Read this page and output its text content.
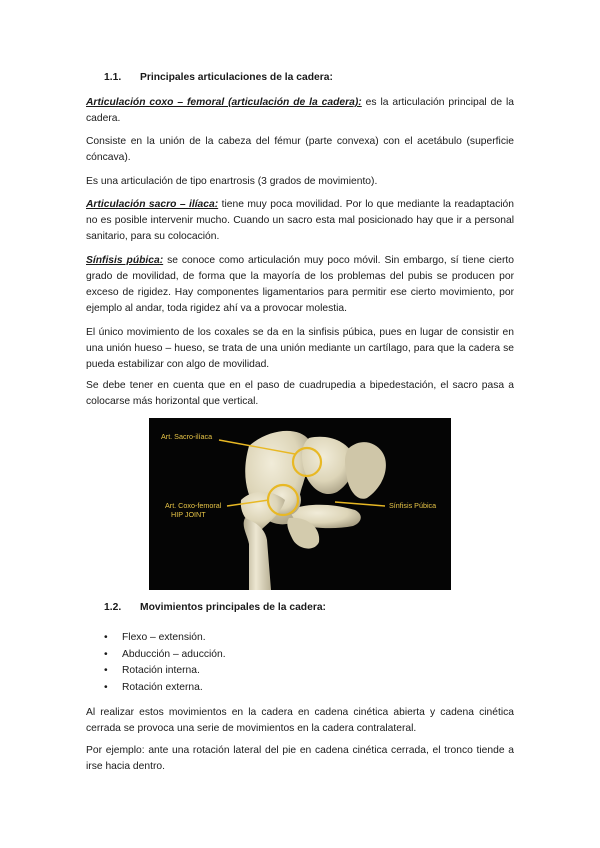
1.1. Principales articulaciones de la cadera:

Articulación coxo – femoral (articulación de la cadera): es la articulación principal de la cadera.

Consiste en la unión de la cabeza del fémur (parte convexa) con el acetábulo (superficie cóncava).

Es una articulación de tipo enartrosis (3 grados de movimiento).

Articulación sacro – ilíaca: tiene muy poca movilidad. Por lo que mediante la readaptación no es posible intervenir mucho. Cuando un sacro esta mal posicionado hay que ir a personal sanitario, para su colocación.

Sínfisis púbica: se conoce como articulación muy poco móvil. Sin embargo, sí tiene cierto grado de movilidad, de forma que la mayoría de los problemas del pubis se producen por exceso de rigidez. Hay componentes ligamentarios para permitir ese cierto movimiento, por ejemplo al andar, toda rigidez ahí va a provocar molestia.

El único movimiento de los coxales se da en la sinfisis púbica, pues en lugar de consistir en una unión hueso – hueso, se trata de una unión mediante un cartílago, para que la cadera se pueda estabilizar con algo de movilidad.

Se debe tener en cuenta que en el paso de cuadrupedia a bipedestación, el sacro pasa a colocarse más horizontal que vertical.

Art. Sacro-ilíaca
Art. Coxo-femoral
HIP JOINT
Sínfisis Púbica
1.2. Movimientos principales de la cadera:
• Flexo – extensión.
• Abducción – aducción.
• Rotación interna.
• Rotación externa.

Al realizar estos movimientos en la cadera en cadena cinética abierta y cadena cinética cerrada se provoca una serie de movimientos en la cadera contralateral.

Por ejemplo: ante una rotación lateral del pie en cadena cinética cerrada, el tronco tiende a irse hacia dentro.
